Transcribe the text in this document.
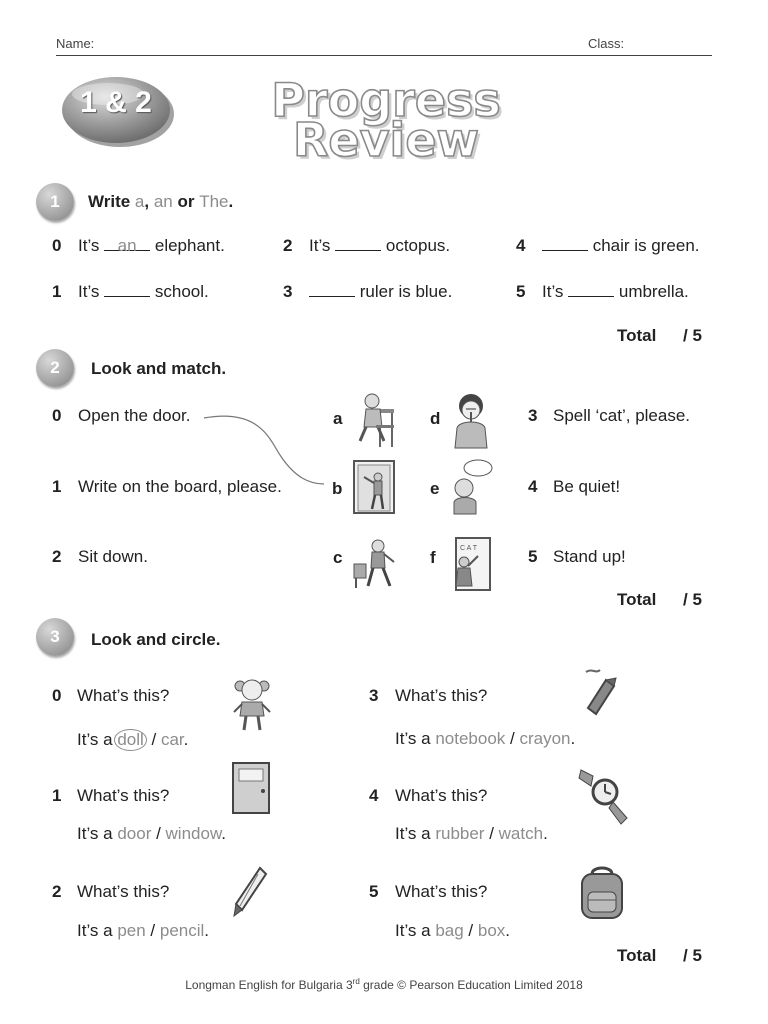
Name:	Class:
1 & 2	Progress
Review
1	Write a, an or The.
0 It’s an elephant.
1 It’s	school.
2 It’s	octopus.
3	ruler is blue.
4	chair is green.
5 It’s	umbrella.
Total / 5
2	Look and match.
0 Open the door.
1 Write on the board, please.
2 Sit down.
3 Spell ‘cat’, please.
4 Be quiet!
5 Stand up!
a
b
c
d
e
f	C A T
Total / 5
3	Look and circle.
0 What’s this?
It’s a doll / car.
1 What’s this?
It’s a door / window.
2 What’s this?
It’s a pen / pencil.
3 What’s this?
It’s a notebook / crayon.
4 What’s this?
It’s a rubber / watch.
5 What’s this?
It’s a bag / box.
Total / 5
Longman English for Bulgaria 3rd grade © Pearson Education Limited 2018
